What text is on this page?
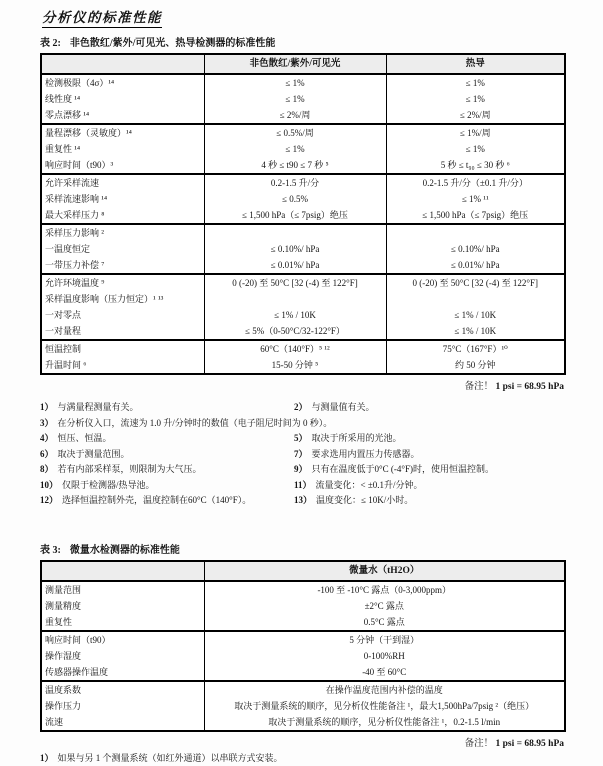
分析仪的标准性能
表 2: 非色散红/紫外/可见光、热导检测器的标准性能
	非色散红/紫外/可见光	热导
检测极限（4σ）¹⁴	≤ 1%	≤ 1%
线性度 ¹⁴	≤ 1%	≤ 1%
零点漂移 ¹⁴	≤ 2%/周	≤ 2%/周
量程漂移（灵敏度）¹⁴	≤ 0.5%/周	≤ 1%/周
重复性 ¹⁴	≤ 1%	≤ 1%
响应时间（t90）³	4 秒 ≤ t90 ≤ 7 秒 ⁵	5 秒 ≤ t₉₀ ≤ 30 秒 ⁶
允许采样流速	0.2-1.5 升/分	0.2-1.5 升/分（±0.1 升/分）
采样流速影响 ¹⁴	≤ 0.5%	≤ 1% ¹¹
最大采样压力 ⁸	≤ 1,500 hPa（≤ 7psig）绝压	≤ 1,500 hPa（≤ 7psig）绝压
采样压力影响 ²		
一温度恒定	≤ 0.10%/ hPa	≤ 0.10%/ hPa
一带压力补偿 ⁷	≤ 0.01%/ hPa	≤ 0.01%/ hPa
允许环境温度 ⁹	0 (-20) 至 50°C [32 (-4) 至 122°F]	0 (-20) 至 50°C [32 (-4) 至 122°F]
采样温度影响（压力恒定）¹ ¹³		
一对零点	≤ 1% / 10K	≤ 1% / 10K
一对量程	≤ 5%（0-50°C/32-122°F）	≤ 1% / 10K
恒温控制	60°C（140°F）⁵ ¹²	75°C（167°F）¹⁰
升温时间 ⁶	15-50 分钟 ⁵	约 50 分钟
备注！ 1 psi = 68.95 hPa
1） 与满量程测量有关。	2） 与测量值有关。
3） 在分析仪入口，流速为 1.0 升/分钟时的数值（电子阻尼时间为 0 秒）。
4） 恒压、恒温。	5） 取决于所采用的光池。
6） 取决于测量范围。	7） 要求选用内置压力传感器。
8） 若有内部采样泵，则限制为大气压。	9） 只有在温度低于0°C (-4°F)时，使用恒温控制。
10） 仅限于检测器/热导池。	11） 流量变化：< ±0.1升/分钟。
12） 选择恒温控制外壳，温度控制在60°C（140°F）。	13） 温度变化：≤ 10K/小时。
表 3: 微量水检测器的标准性能
	微量水（tH2O）
测量范围	-100 至 -10°C 露点（0-3,000ppm）
测量精度	±2°C 露点
重复性	0.5°C 露点
响应时间（t90）	5 分钟（干到湿）
操作湿度	0-100%RH
传感器操作温度	-40 至 60°C
温度系数	在操作温度范围内补偿的温度
操作压力	取决于测量系统的顺序，见分析仪性能备注 ¹，最大1,500hPa/7psig ²（绝压）
流速	取决于测量系统的顺序，见分析仪性能备注 ¹，0.2-1.5 l/min
备注！ 1 psi = 68.95 hPa
1） 如果与另 1 个测量系统（如红外通道）以串联方式安装。
